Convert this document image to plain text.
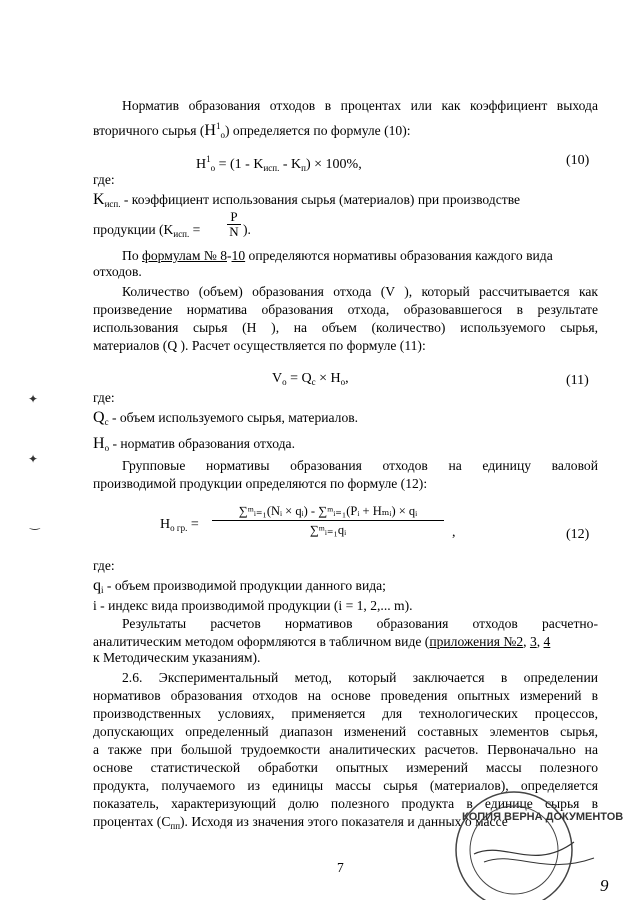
Норматив образования отходов в процентах или как коэффициент выхода
вторичного сырья $(H^1_o)$ определяется по формуле (10):
$H^1_o = (1 - K_{исп.} - K_п) \times 100\%$,	(10)
где:
$K_{исп.}$ - коэффициент использования сырья (материалов) при производстве
продукции ($K_{исп.} = \frac{P}{N}$ ).
По формулам № 8-10 определяются нормативы образования каждого вида
отходов.
Количество (объем) образования отхода (V ), который рассчитывается как
произведение норматива образования отхода, образовавшегося в результате
использования сырья (H ), на объем (количество) используемого сырья,
материалов (Q ). Расчет осуществляется по формуле (11):
$V_o = Q_c \times H_o$,	(11)
где:
$Q_c$ - объем используемого сырья, материалов.
$H_o$ - норматив образования отхода.
Групповые нормативы образования отходов на единицу валовой
производимой продукции определяются по формуле (12):
$H_{o гр.}$ =
∑ᵐᵢ₌₁(Nᵢ × qᵢ) - ∑ᵐᵢ₌₁(Pᵢ + Hₘᵢ) × qᵢ
∑ᵐᵢ₌₁qᵢ	,	(12)
где:
$q_i$ - объем производимой продукции данного вида;
i - индекс вида производимой продукции (i = 1, 2,... m).
Результаты расчетов нормативов образования отходов расчетно-
аналитическим методом оформляются в табличном виде (приложения №2, 3, 4
к Методическим указаниям).
2.6. Экспериментальный метод, который заключается в определении
нормативов образования отходов на основе проведения опытных измерений в
производственных условиях, применяется для технологических процессов,
допускающих определенный диапазон изменений составных элементов сырья,
а также при большой трудоемкости аналитических расчетов. Первоначально на
основе статистической обработки опытных измерений массы полезного
продукта, получаемого из единицы массы сырья (материалов), определяется
показатель, характеризующий долю полезного продукта в единице сырья в
процентах $(C_{пп})$. Исходя из значения этого показателя и данных о массе
7
9
✦
✦
‿
КОПИЯ ВЕРНА ДОКУМЕНТОВ
